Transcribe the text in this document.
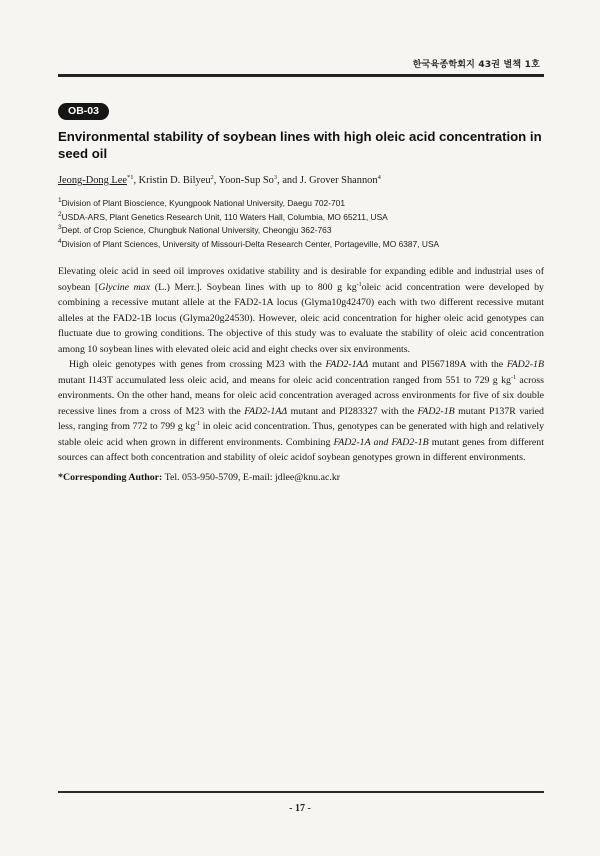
한국육종학회지 43권 별책 1호
OB-03
Environmental stability of soybean lines with high oleic acid concentration in seed oil
Jeong-Dong Lee$^{*1}$, Kristin D. Bilyeu$^2$, Yoon-Sup So$^3$, and J. Grover Shannon$^4$
$^1$Division of Plant Bioscience, Kyungpook National University, Daegu 702-701
$^2$USDA-ARS, Plant Genetics Research Unit, 110 Waters Hall, Columbia, MO 65211, USA
$^3$Dept. of Crop Science, Chungbuk National University, Cheongju 362-763
$^4$Division of Plant Sciences, University of Missouri-Delta Research Center, Portageville, MO 6387, USA

Elevating oleic acid in seed oil improves oxidative stability and is desirable for expanding edible and industrial uses of soybean [Glycine max (L.) Merr.]. Soybean lines with up to 800 g $kg^{-1}oleic$ acid concentration were developed by combining a recessive mutant allele at the FAD2-1A locus (Glyma10g42470) each with two different recessive mutant alleles at the FAD2-1B locus (Glyma20g24530). However, oleic acid concentration for higher oleic acid genotypes can fluctuate due to growing conditions. The objective of this study was to evaluate the stability of oleic acid concentration among 10 soybean lines with elevated oleic acid and eight checks over six environments.

High oleic genotypes with genes from crossing M23 with the FAD2-1AΔ mutant and PI567189A with the FAD2-1B mutant I143T accumulated less oleic acid, and means for oleic acid concentration ranged from 551 to 729 g $kg^{-1}$ across environments. On the other hand, means for oleic acid concentration averaged across environments for five of six double recessive lines from a cross of M23 with the FAD2-1AΔ mutant and PI283327 with the FAD2-1B mutant P137R varied less, ranging from 772 to 799 g $kg^{-1}$ in oleic acid concentration. Thus, genotypes can be generated with high and relatively stable oleic acid when grown in different environments. Combining FAD2-1A and FAD2-1B mutant genes from different sources can affect both concentration and stability of oleic acidof soybean genotypes grown in different environments.

*Corresponding Author: Tel. 053-950-5709, E-mail: jdlee@knu.ac.kr
- 17 -
